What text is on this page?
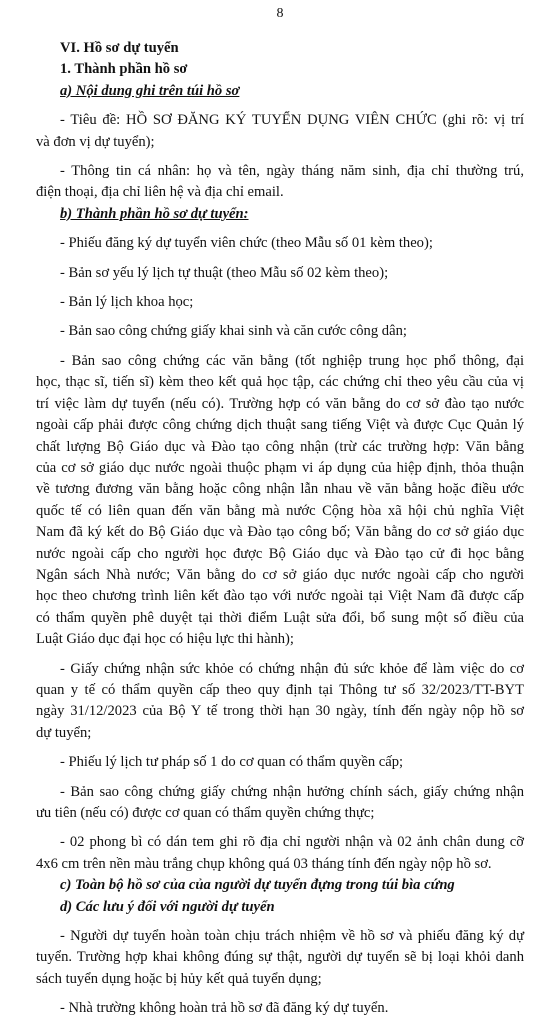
8
VI. Hồ sơ dự tuyển
1. Thành phần hồ sơ
a) Nội dung ghi trên túi hồ sơ
- Tiêu đề: HỒ SƠ ĐĂNG KÝ TUYỂN DỤNG VIÊN CHỨC (ghi rõ: vị trí
và đơn vị dự tuyển);
- Thông tin cá nhân: họ và tên, ngày tháng năm sinh, địa chỉ thường trú,
điện thoại, địa chỉ liên hệ và địa chỉ email.
b) Thành phần hồ sơ dự tuyển:
- Phiếu đăng ký dự tuyển viên chức (theo Mẫu số 01 kèm theo);
- Bản sơ yếu lý lịch tự thuật (theo Mẫu số 02 kèm theo);
- Bản lý lịch khoa học;
- Bản sao công chứng giấy khai sinh và căn cước công dân;
- Bản sao công chứng các văn bằng (tốt nghiệp trung học phổ thông, đại
học, thạc sĩ, tiến sĩ) kèm theo kết quả học tập, các chứng chỉ theo yêu cầu của vị
trí việc làm dự tuyển (nếu có). Trường hợp có văn bằng do cơ sở đào tạo nước
ngoài cấp phải được công chứng dịch thuật sang tiếng Việt và được Cục Quản lý
chất lượng Bộ Giáo dục và Đào tạo công nhận (trừ các trường hợp: Văn bằng
của cơ sở giáo dục nước ngoài thuộc phạm vi áp dụng của hiệp định, thỏa thuận
về tương đương văn bằng hoặc công nhận lẫn nhau về văn bằng hoặc điều ước
quốc tế có liên quan đến văn bằng mà nước Cộng hòa xã hội chủ nghĩa Việt
Nam đã ký kết do Bộ Giáo dục và Đào tạo công bố; Văn bằng do cơ sở giáo dục
nước ngoài cấp cho người học được Bộ Giáo dục và Đào tạo cử đi học bằng
Ngân sách Nhà nước; Văn bằng do cơ sở giáo dục nước ngoài cấp cho người
học theo chương trình liên kết đào tạo với nước ngoài tại Việt Nam đã được cấp
có thẩm quyền phê duyệt tại thời điểm Luật sửa đổi, bổ sung một số điều của
Luật Giáo dục đại học có hiệu lực thi hành);
- Giấy chứng nhận sức khỏe có chứng nhận đủ sức khỏe để làm việc do cơ
quan y tế có thẩm quyền cấp theo quy định tại Thông tư số 32/2023/TT-BYT
ngày 31/12/2023 của Bộ Y tế trong thời hạn 30 ngày, tính đến ngày nộp hồ sơ
dự tuyển;
- Phiếu lý lịch tư pháp số 1 do cơ quan có thẩm quyền cấp;
- Bản sao công chứng giấy chứng nhận hưởng chính sách, giấy chứng nhận
ưu tiên (nếu có) được cơ quan có thẩm quyền chứng thực;
- 02 phong bì có dán tem ghi rõ địa chỉ người nhận và 02 ảnh chân dung cỡ
4x6 cm trên nền màu trắng chụp không quá 03 tháng tính đến ngày nộp hồ sơ.
c) Toàn bộ hồ sơ của của người dự tuyển đựng trong túi bìa cứng
d) Các lưu ý đối với người dự tuyển
- Người dự tuyển hoàn toàn chịu trách nhiệm về hồ sơ và phiếu đăng ký dự
tuyển. Trường hợp khai không đúng sự thật, người dự tuyển sẽ bị loại khỏi danh
sách tuyển dụng hoặc bị hủy kết quả tuyển dụng;
- Nhà trường không hoàn trả hồ sơ đã đăng ký dự tuyển.
